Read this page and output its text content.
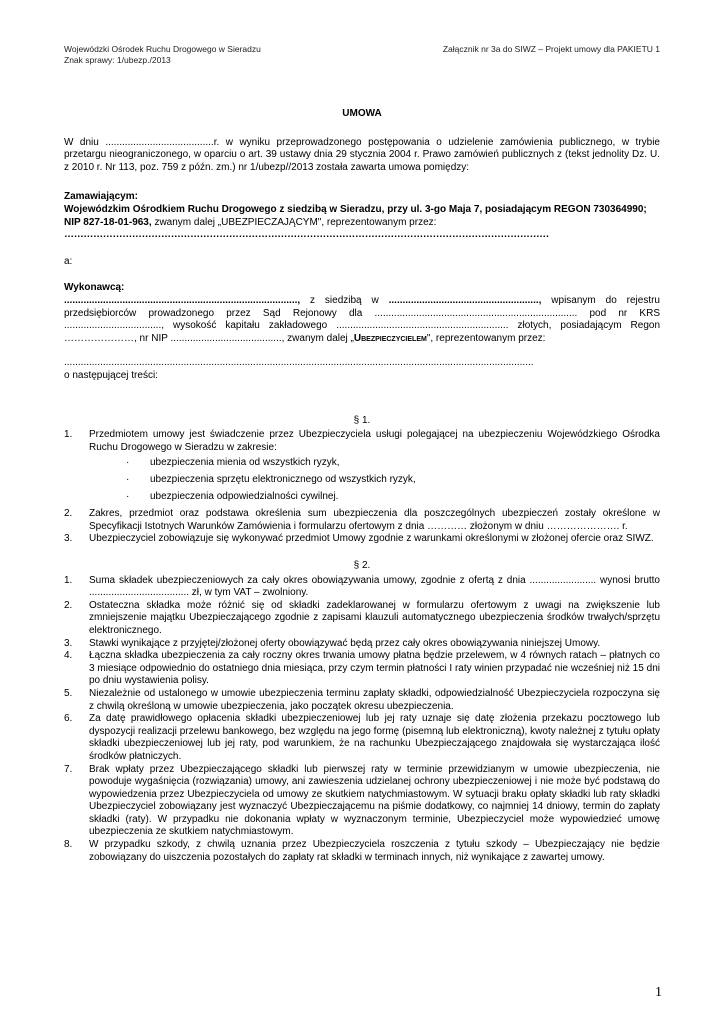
Wojewódzki Ośrodek Ruchu Drogowego w Sieradzu
Znak sprawy: 1/ubezp./2013
Załącznik nr 3a do SIWZ – Projekt umowy dla PAKIETU 1

UMOWA

W dniu .......................................r. w wyniku przeprowadzonego postępowania o udzielenie zamówienia publicznego, w trybie przetargu nieograniczonego, w oparciu o art. 39 ustawy dnia 29 stycznia 2004 r. Prawo zamówień publicznych z (tekst jednolity Dz. U. z 2010 r. Nr 113, poz. 759 z późn. zm.) nr 1/ubezp//2013 została zawarta umowa pomiędzy:

Zamawiającym:

Wojewódzkim Ośrodkiem Ruchu Drogowego z siedzibą w Sieradzu, przy ul. 3-go Maja 7, posiadającym REGON 730364990;

NIP 827-18-01-963, zwanym dalej „UBEZPIECZAJĄCYM", reprezentowanym przez:

……………………………………………………………………………………………………………………………………

a:

Wykonawcą:

...................................................................................., z siedzibą w ......................................................, wpisanym do rejestru przedsiębiorców prowadzonego przez Sąd Rejonowy dla ......................................................................... pod nr KRS ..................................., wysokość kapitału zakładowego .............................................................. złotych, posiadającym Regon …………………, nr NIP ........................................, zwanym dalej „Ubezpieczycielem", reprezentowanym przez:

.........................................................................................................................................................................

o następującej treści:

§ 1.

1. Przedmiotem umowy jest świadczenie przez Ubezpieczyciela usługi polegającej na ubezpieczeniu Wojewódzkiego Ośrodka Ruchu Drogowego w Sieradzu w zakresie:
· ubezpieczenia mienia od wszystkich ryzyk,
· ubezpieczenia sprzętu elektronicznego od wszystkich ryzyk,
· ubezpieczenia odpowiedzialności cywilnej.
2. Zakres, przedmiot oraz podstawa określenia sum ubezpieczenia dla poszczególnych ubezpieczeń zostały określone w Specyfikacji Istotnych Warunków Zamówienia i formularzu ofertowym z dnia ………… złożonym w dniu …………………. r.
3. Ubezpieczyciel zobowiązuje się wykonywać przedmiot Umowy zgodnie z warunkami określonymi w złożonej ofercie oraz SIWZ.

§ 2.

1. Suma składek ubezpieczeniowych za cały okres obowiązywania umowy, zgodnie z ofertą z dnia ........................ wynosi brutto .................................... zł, w tym VAT – zwolniony.
2. Ostateczna składka może różnić się od składki zadeklarowanej w formularzu ofertowym z uwagi na zwiększenie lub zmniejszenie majątku Ubezpieczającego zgodnie z zapisami klauzuli automatycznego ubezpieczenia środków trwałych/sprzętu elektronicznego.
3. Stawki wynikające z przyjętej/złożonej oferty obowiązywać będą przez cały okres obowiązywania niniejszej Umowy.
4. Łączna składka ubezpieczenia za cały roczny okres trwania umowy płatna będzie przelewem, w 4 równych ratach – płatnych co 3 miesiące odpowiednio do ostatniego dnia miesiąca, przy czym termin płatności I raty winien przypadać nie wcześniej niż 15 dni po dniu wystawienia polisy.
5. Niezależnie od ustalonego w umowie ubezpieczenia terminu zapłaty składki, odpowiedzialność Ubezpieczyciela rozpoczyna się z chwilą określoną w umowie ubezpieczenia, jako początek okresu ubezpieczenia.
6. Za datę prawidłowego opłacenia składki ubezpieczeniowej lub jej raty uznaje się datę złożenia przekazu pocztowego lub dyspozycji realizacji przelewu bankowego, bez względu na jego formę (pisemną lub elektroniczną), kwoty należnej z tytułu opłaty składki ubezpieczeniowej lub jej raty, pod warunkiem, że na rachunku Ubezpieczającego znajdowała się wystarczająca ilość środków płatniczych.
7. Brak wpłaty przez Ubezpieczającego składki lub pierwszej raty w terminie przewidzianym w umowie ubezpieczenia, nie powoduje wygaśnięcia (rozwiązania) umowy, ani zawieszenia udzielanej ochrony ubezpieczeniowej i nie może być podstawą do wypowiedzenia przez Ubezpieczyciela od umowy ze skutkiem natychmiastowym. W sytuacji braku opłaty składki lub raty składki Ubezpieczyciel zobowiązany jest wyznaczyć Ubezpieczającemu na piśmie dodatkowy, co najmniej 14 dniowy, termin do zapłaty składki (raty). W przypadku nie dokonania wpłaty w wyznaczonym terminie, Ubezpieczyciel może wypowiedzieć umowę ubezpieczenia ze skutkiem natychmiastowym.
8. W przypadku szkody, z chwilą uznania przez Ubezpieczyciela roszczenia z tytułu szkody – Ubezpieczający nie będzie zobowiązany do uiszczenia pozostałych do zapłaty rat składki w terminach innych, niż wynikające z zawartej umowy.
1
